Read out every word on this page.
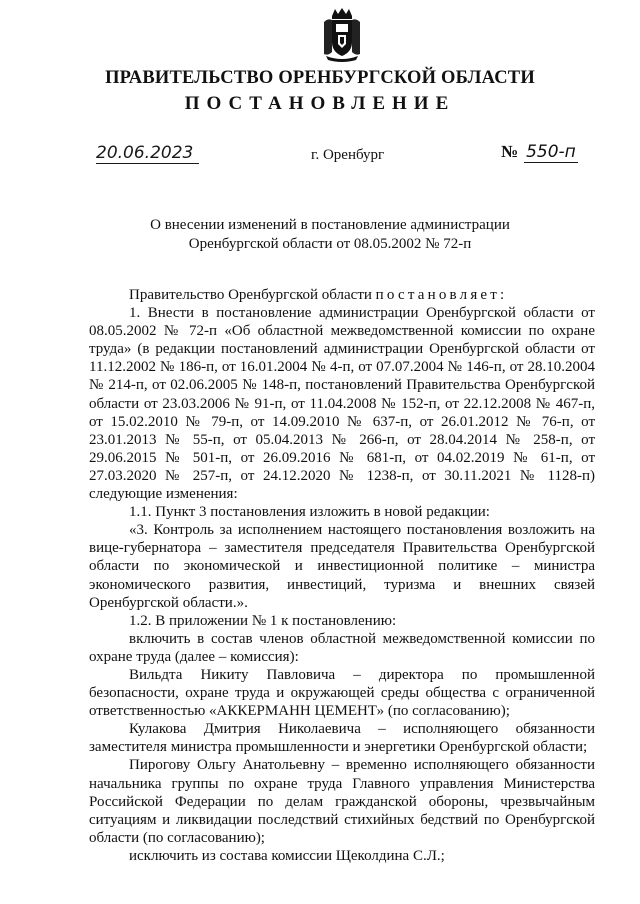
ПРАВИТЕЛЬСТВО ОРЕНБУРГСКОЙ ОБЛАСТИ
ПОСТАНОВЛЕНИЕ
20.06.2023	г. Оренбург	№ 550-п
О внесении изменений в постановление администрации
Оренбургской области от 08.05.2002 № 72-п

Правительство Оренбургской области постановляет:

1. Внести в постановление администрации Оренбургской области от 08.05.2002 № 72-п «Об областной межведомственной комиссии по охране труда» (в редакции постановлений администрации Оренбургской области от 11.12.2002 № 186-п, от 16.01.2004 № 4-п, от 07.07.2004 № 146-п, от 28.10.2004 № 214-п, от 02.06.2005 № 148-п, постановлений Правительства Оренбургской области от 23.03.2006 № 91-п, от 11.04.2008 № 152-п, от 22.12.2008 № 467-п, от 15.02.2010 № 79-п, от 14.09.2010 № 637-п, от 26.01.2012 № 76-п, от 23.01.2013 № 55-п, от 05.04.2013 № 266-п, от 28.04.2014 № 258-п, от 29.06.2015 № 501-п, от 26.09.2016 № 681-п, от 04.02.2019 № 61-п, от 27.03.2020 № 257-п, от 24.12.2020 № 1238-п, от 30.11.2021 № 1128-п) следующие изменения:

1.1. Пункт 3 постановления изложить в новой редакции:

«3. Контроль за исполнением настоящего постановления возложить на вице-губернатора – заместителя председателя Правительства Оренбургской области по экономической и инвестиционной политике – министра экономического развития, инвестиций, туризма и внешних связей Оренбургской области.».

1.2. В приложении № 1 к постановлению:

включить в состав членов областной межведомственной комиссии по охране труда (далее – комиссия):

Вильдта Никиту Павловича – директора по промышленной безопасности, охране труда и окружающей среды общества с ограниченной ответственностью «АККЕРМАНН ЦЕМЕНТ» (по согласованию);

Кулакова Дмитрия Николаевича – исполняющего обязанности заместителя министра промышленности и энергетики Оренбургской области;

Пирогову Ольгу Анатольевну – временно исполняющего обязанности начальника группы по охране труда Главного управления Министерства Российской Федерации по делам гражданской обороны, чрезвычайным ситуациям и ликвидации последствий стихийных бедствий по Оренбургской области (по согласованию);

исключить из состава комиссии Щеколдина С.Л.;
